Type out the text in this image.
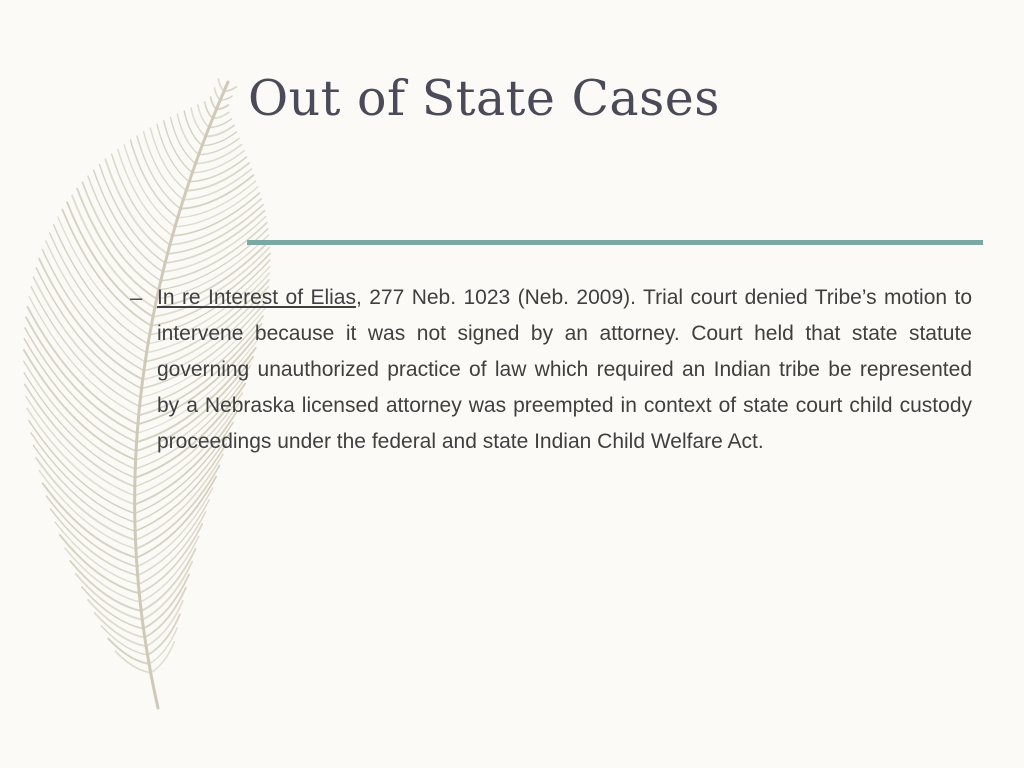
Out of State Cases
– In re Interest of Elias, 277 Neb. 1023 (Neb. 2009). Trial court denied Tribe’s motion to intervene because it was not signed by an attorney. Court held that state statute governing unauthorized practice of law which required an Indian tribe be represented by a Nebraska licensed attorney was preempted in context of state court child custody proceedings under the federal and state Indian Child Welfare Act.
